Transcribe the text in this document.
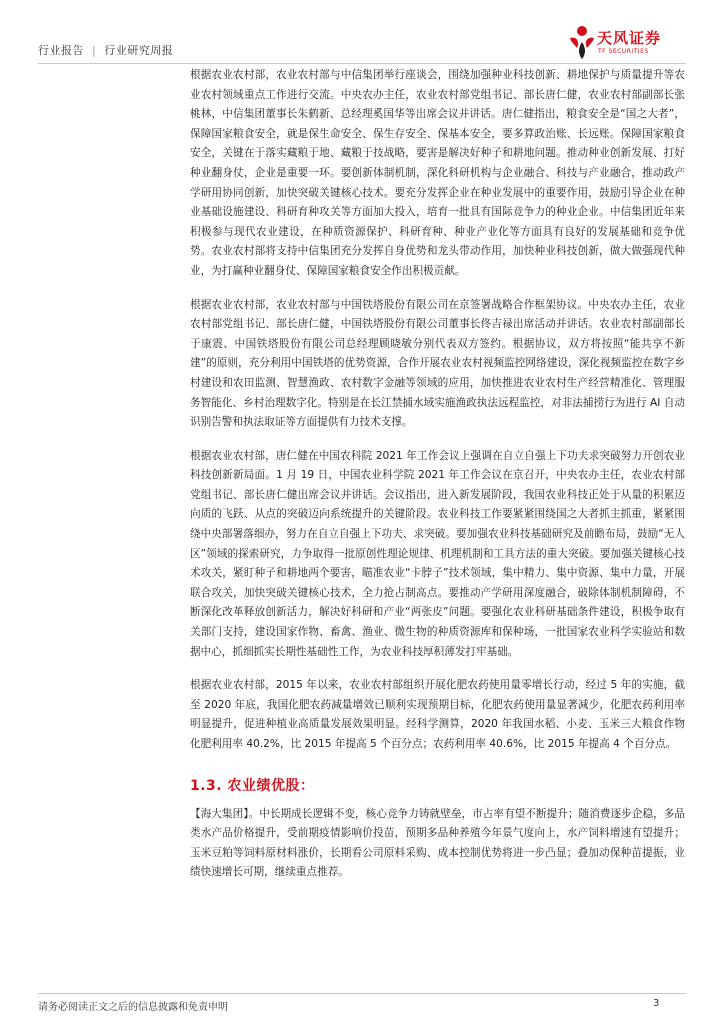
行业报告 | 行业研究周报
天风证券
TF SECURITIES

根据农业农村部，农业农村部与中信集团举行座谈会，围绕加强种业科技创新、耕地保护与质量提升等农业农村领域重点工作进行交流。中央农办主任，农业农村部党组书记、部长唐仁健，农业农村部副部长张桃林，中信集团董事长朱鹤新、总经理奚国华等出席会议并讲话。唐仁健指出，粮食安全是“国之大者”，保障国家粮食安全，就是保生命安全、保生存安全、保基本安全，要多算政治账、长远账。保障国家粮食安全，关键在于落实藏粮于地、藏粮于技战略，要害是解决好种子和耕地问题。推动种业创新发展、打好种业翻身仗，企业是重要一环。要创新体制机制，深化科研机构与企业融合、科技与产业融合，推动政产学研用协同创新，加快突破关键核心技术。要充分发挥企业在种业发展中的重要作用，鼓励引导企业在种业基础设施建设、科研育种攻关等方面加大投入，培育一批具有国际竞争力的种业企业。中信集团近年来积极参与现代农业建设，在种质资源保护、科研育种、种业产业化等方面具有良好的发展基础和竞争优势。农业农村部将支持中信集团充分发挥自身优势和龙头带动作用，加快种业科技创新，做大做强现代种业，为打赢种业翻身仗、保障国家粮食安全作出积极贡献。

根据农业农村部，农业农村部与中国铁塔股份有限公司在京签署战略合作框架协议。中央农办主任，农业农村部党组书记、部长唐仁健，中国铁塔股份有限公司董事长佟吉禄出席活动并讲话。农业农村部副部长于康震、中国铁塔股份有限公司总经理顾晓敏分别代表双方签约。根据协议，双方将按照“能共享不新建”的原则，充分利用中国铁塔的优势资源，合作开展农业农村视频监控网络建设，深化视频监控在数字乡村建设和农田监测、智慧渔政、农村数字金融等领域的应用，加快推进农业农村生产经营精准化、管理服务智能化、乡村治理数字化。特别是在长江禁捕水域实施渔政执法远程监控，对非法捕捞行为进行 AI 自动识别告警和执法取证等方面提供有力技术支撑。

根据农业农村部，唐仁健在中国农科院 2021 年工作会议上强调在自立自强上下功夫求突破努力开创农业科技创新新局面。1 月 19 日，中国农业科学院 2021 年工作会议在京召开，中央农办主任，农业农村部党组书记、部长唐仁健出席会议并讲话。会议指出，进入新发展阶段，我国农业科技正处于从量的积累迈向质的飞跃、从点的突破迈向系统提升的关键阶段。农业科技工作要紧紧围绕国之大者抓主抓重，紧紧围绕中央部署落细办，努力在自立自强上下功夫、求突破。要加强农业科技基础研究及前瞻布局，鼓励“无人区”领域的探索研究，力争取得一批原创性理论规律、机理机制和工具方法的重大突破。要加强关键核心技术攻关，紧盯种子和耕地两个要害，瞄准农业“卡脖子”技术领域，集中精力、集中资源、集中力量，开展联合攻关，加快突破关键核心技术，全力抢占制高点。要推动产学研用深度融合，破除体制机制障碍，不断深化改革释放创新活力，解决好科研和产业“两张皮”问题。要强化农业科研基础条件建设，积极争取有关部门支持，建设国家作物、畜禽、渔业、微生物的种质资源库和保种场，一批国家农业科学实验站和数据中心，抓细抓实长期性基础性工作，为农业科技厚积薄发打牢基础。

根据农业农村部，2015 年以来，农业农村部组织开展化肥农药使用量零增长行动，经过 5 年的实施，截至 2020 年底，我国化肥农药减量增效已顺利实现预期目标，化肥农药使用量显著减少，化肥农药利用率明显提升，促进种植业高质量发展效果明显。经科学测算，2020 年我国水稻、小麦、玉米三大粮食作物化肥利用率 40.2%，比 2015 年提高 5 个百分点；农药利用率 40.6%，比 2015 年提高 4 个百分点。

1.3. 农业绩优股：

【海大集团】。中长期成长逻辑不变，核心竞争力铸就壁垒，市占率有望不断提升；随消费逐步企稳，多品类水产品价格提升，受前期疫情影响价投苗，预期多品种养殖今年景气度向上，水产饲料增速有望提升；玉米豆粕等饲料原材料涨价，长期看公司原料采购、成本控制优势将进一步凸显；叠加动保种苗提振，业绩快速增长可期，继续重点推荐。

请务必阅读正文之后的信息披露和免责申明	3
